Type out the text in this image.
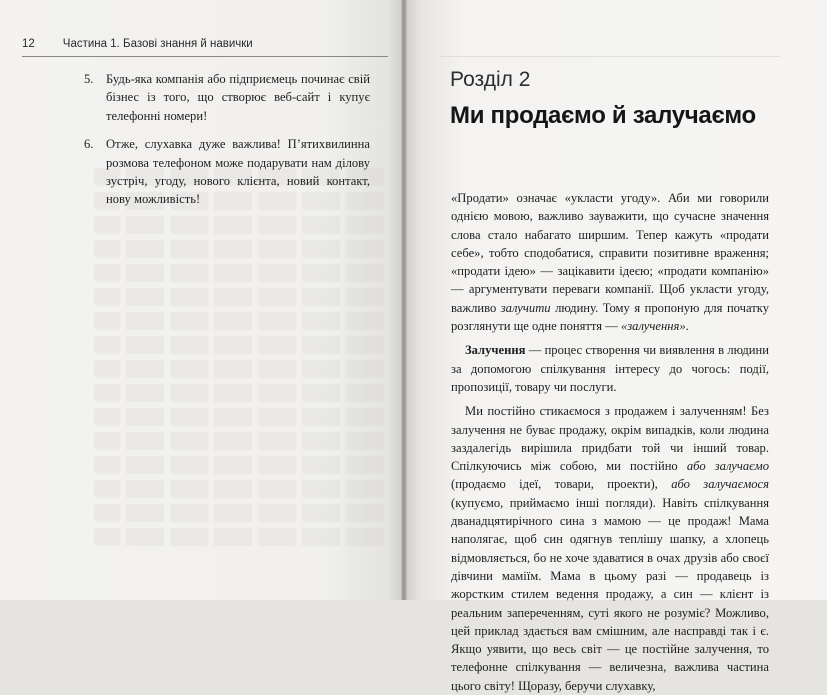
12 Частина 1. Базові знання й навички
5. Будь-яка компанія або підприємець починає свій бізнес із того, що створює веб-сайт і купує телефонні номери!
6. Отже, слухавка дуже важлива! П’ятихвилинна розмова телефоном може подарувати нам ділову зустріч, угоду, нового клієнта, новий контакт, нову можливість!
Розділ 2
Ми продаємо й залучаємо

«Продати» означає «укласти угоду». Аби ми говорили однією мовою, важливо зауважити, що сучасне значення слова стало набагато ширшим. Тепер кажуть «продати себе», тобто сподобатися, справити позитивне враження; «продати ідею» — зацікавити ідеєю; «продати компанію» — аргументувати переваги компанії. Щоб укласти угоду, важливо залучити людину. Тому я пропоную для початку розглянути ще одне поняття — «залучення».

Залучення — процес створення чи виявлення в людини за допомогою спілкування інтересу до чогось: події, пропозиції, товару чи послуги.

Ми постійно стикаємося з продажем і залученням! Без залучення не буває продажу, окрім випадків, коли людина заздалегідь вирішила придбати той чи інший товар. Спілкуючись між собою, ми постійно або залучаємо (продаємо ідеї, товари, проекти), або залучаємося (купуємо, приймаємо інші погляди). Навіть спілкування дванадцятирічного сина з мамою — це продаж! Мама наполягає, щоб син одягнув теплішу шапку, а хлопець відмовляється, бо не хоче здаватися в очах друзів або своєї дівчини маміїм. Мама в цьому разі — продавець із жорстким стилем ведення продажу, а син — клієнт із реальним запереченням, суті якого не розуміє? Можливо, цей приклад здається вам смішним, але насправді так і є. Якщо уявити, що весь світ — це постійне залучення, то телефонне спілкування — величезна, важлива частина цього світу! Щоразу, беручи слухавку,
